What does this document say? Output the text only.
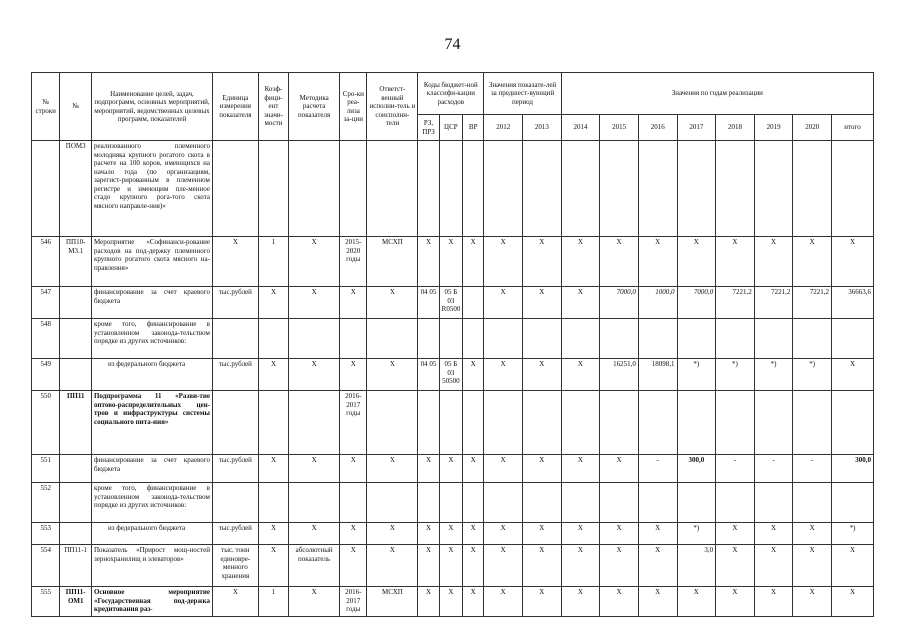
74
№ строки	№	Наименование целей, задач, подпрограмм, основных мероприятий, мероприятий, ведомственных целевых программ, показателей	Единица измерения показателя	Коэф-фици-ент значи-мости	Методика расчета показателя	Сро-ки реа-лиза за-ции	Ответст-венный исполни-тель и соисполни-тели	Коды бюджет-ной классифи-кации расходов			Значения показате-лей за предшест-вующий период		Значения по годам реализации							
								РЗ, ПРЗ	ЦСР	ВР	2012	2013	2014	2015	2016	2017	2018	2019	2020	итого
	ПОМ3	реализованного племенного молодняка крупного рогатого скота в расчете на 100 коров, имеющихся на начало года (по организациям, зарегист-рированным в племенном регистре и имеющим пле-менное стадо крупного рога-того скота мясного направле-ния)»																		
546	ПП10-М3.1	Мероприятие «Софинанси-рование расходов на под-держку племенного крупного рогатого скота мясного на-правления»	X	1	X	2015-2020 годы	МСХП	X	X	X	X	X	X	X	X	X	X	X	X	X
547		финансирование за счет краевого бюджета	тыс.рублей	X	X	X	X	04 05	05 Б 03 R0500		X	X	X	7000,0	1000,0	7000,0	7221,2	7221,2	7221,2	36663,6
548		кроме того, финансирование в установленном законода-тельством порядке из других источников:																		
549		из федерального бюджета	тыс.рублей	X	X	X	X	04 05	05 Б 03 50500	X	X	X	X	16251,0	18098,1	*)	*)	*)	*)	X
550	ПП11	Подпрограмма 11 «Разви-тие оптово-распределительных цен-тров и инфраструктуры системы социального пита-ния»				2016-2017 годы														
551		финансирование за счет краевого бюджета	тыс.рублей	X	X	X	X	X	X	X	X	X	X	X	-	300,0	-	-	-	300,0
552		кроме того, финансирование в установленном законода-тельством порядке из других источников:																		
553		из федерального бюджета	тыс.рублей	X	X	X	X	X	X	X	X	X	X	X	X	*)	X	X	X	*)
554	ПП11-1	Показатель «Прирост мощ-ностей зернохранилищ и элеваторов»	тыс. тонн единовре-менного хранения	X	абсолютный показатель	X	X	X	X	X	X	X	X	X	X	3,0	X	X	X	X
555	ПП11-ОМ1	Основное мероприятие «Государственная под-держка кредитования раз-	X	1	X	2016-2017 годы	МСХП	X	X	X	X	X	X	X	X	X	X	X	X	X
